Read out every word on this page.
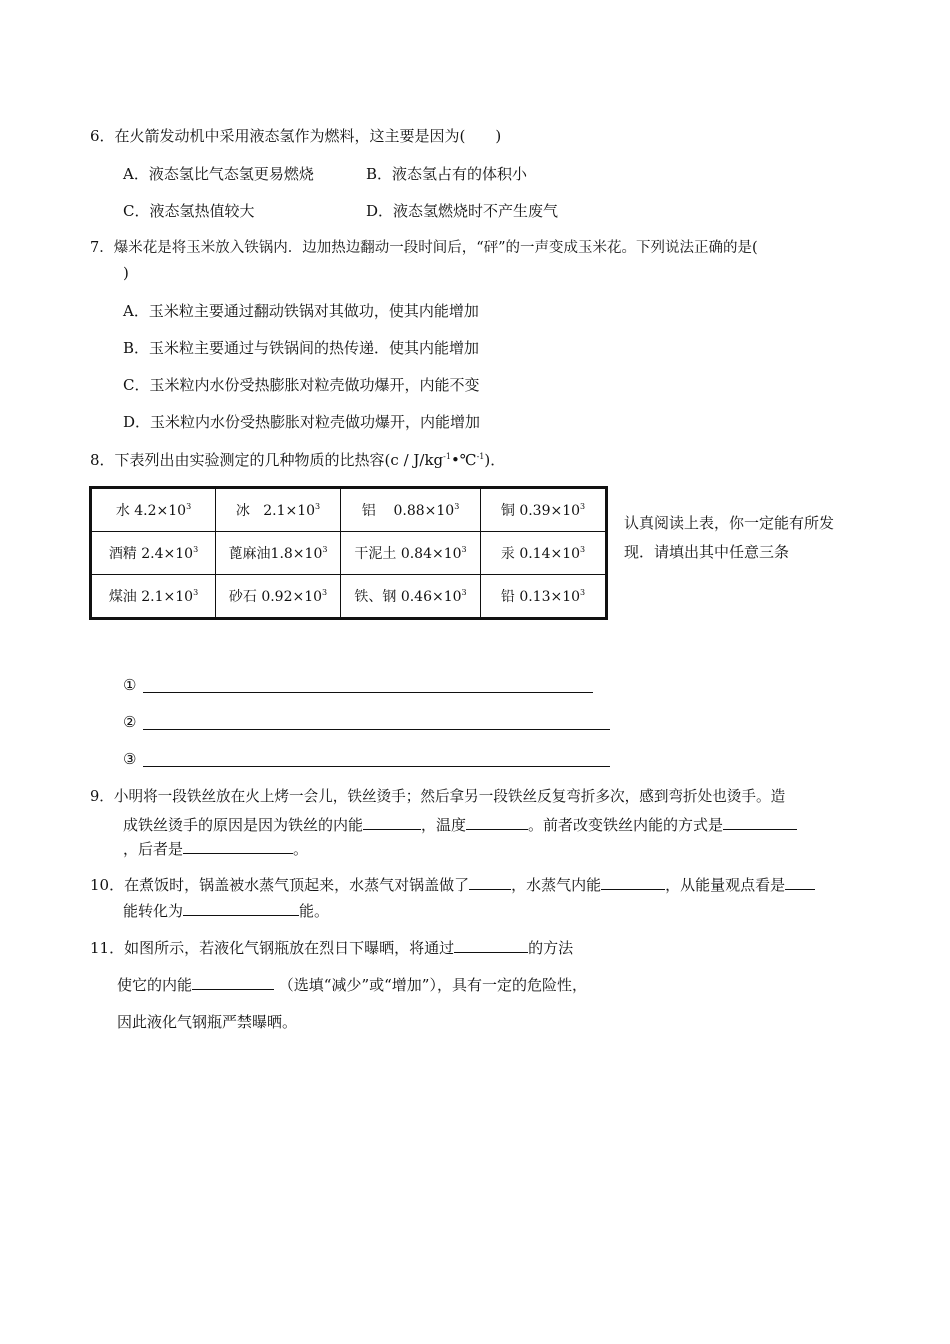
6．在火箭发动机中采用液态氢作为燃料，这主要是因为(　　)
A．液态氢比气态氢更易燃烧	B．液态氢占有的体积小
C．液态氢热值较大	D．液态氢燃烧时不产生废气
7．爆米花是将玉米放入铁锅内．边加热边翻动一段时间后，“砰”的一声变成玉米花。下列说法正确的是(
)
A．玉米粒主要通过翻动铁锅对其做功，使其内能增加
B．玉米粒主要通过与铁锅间的热传递．使其内能增加
C．玉米粒内水份受热膨胀对粒壳做功爆开，内能不变
D．玉米粒内水份受热膨胀对粒壳做功爆开，内能增加
8．下表列出由实验测定的几种物质的比热容$(c / J/kg^{-1}•℃^{-1})$．
水 $4.2\times 10^3$	冰 $2.1\times 10^3$	铝 $0.88\times 10^3$	铜 $0.39\times 10^3$
酒精 $2.4\times 10^3$	蓖麻油$1.8\times 10^3$	干泥土 $0.84\times 10^3$	汞 $0.14\times 10^3$
煤油 $2.1\times 10^3$	砂石 $0.92\times 10^3$	铁、钢 $0.46\times 10^3$	铅 $0.13\times 10^3$
认真阅读上表，你一定能有所发
现．请填出其中任意三条
①
②
③
9．小明将一段铁丝放在火上烤一会儿，铁丝烫手；然后拿另一段铁丝反复弯折多次，感到弯折处也烫手。造
成铁丝烫手的原因是因为铁丝的内能	，温度	。前者改变铁丝内能的方式是
，后者是	。
10．在煮饭时，锅盖被水蒸气顶起来，水蒸气对锅盖做了	，水蒸气内能	，从能量观点看是
能转化为	能。
11．如图所示，若液化气钢瓶放在烈日下曝晒，将通过	的方法
使它的内能	（选填“减少”或“增加”），具有一定的危险性，
因此液化气钢瓶严禁曝晒。
